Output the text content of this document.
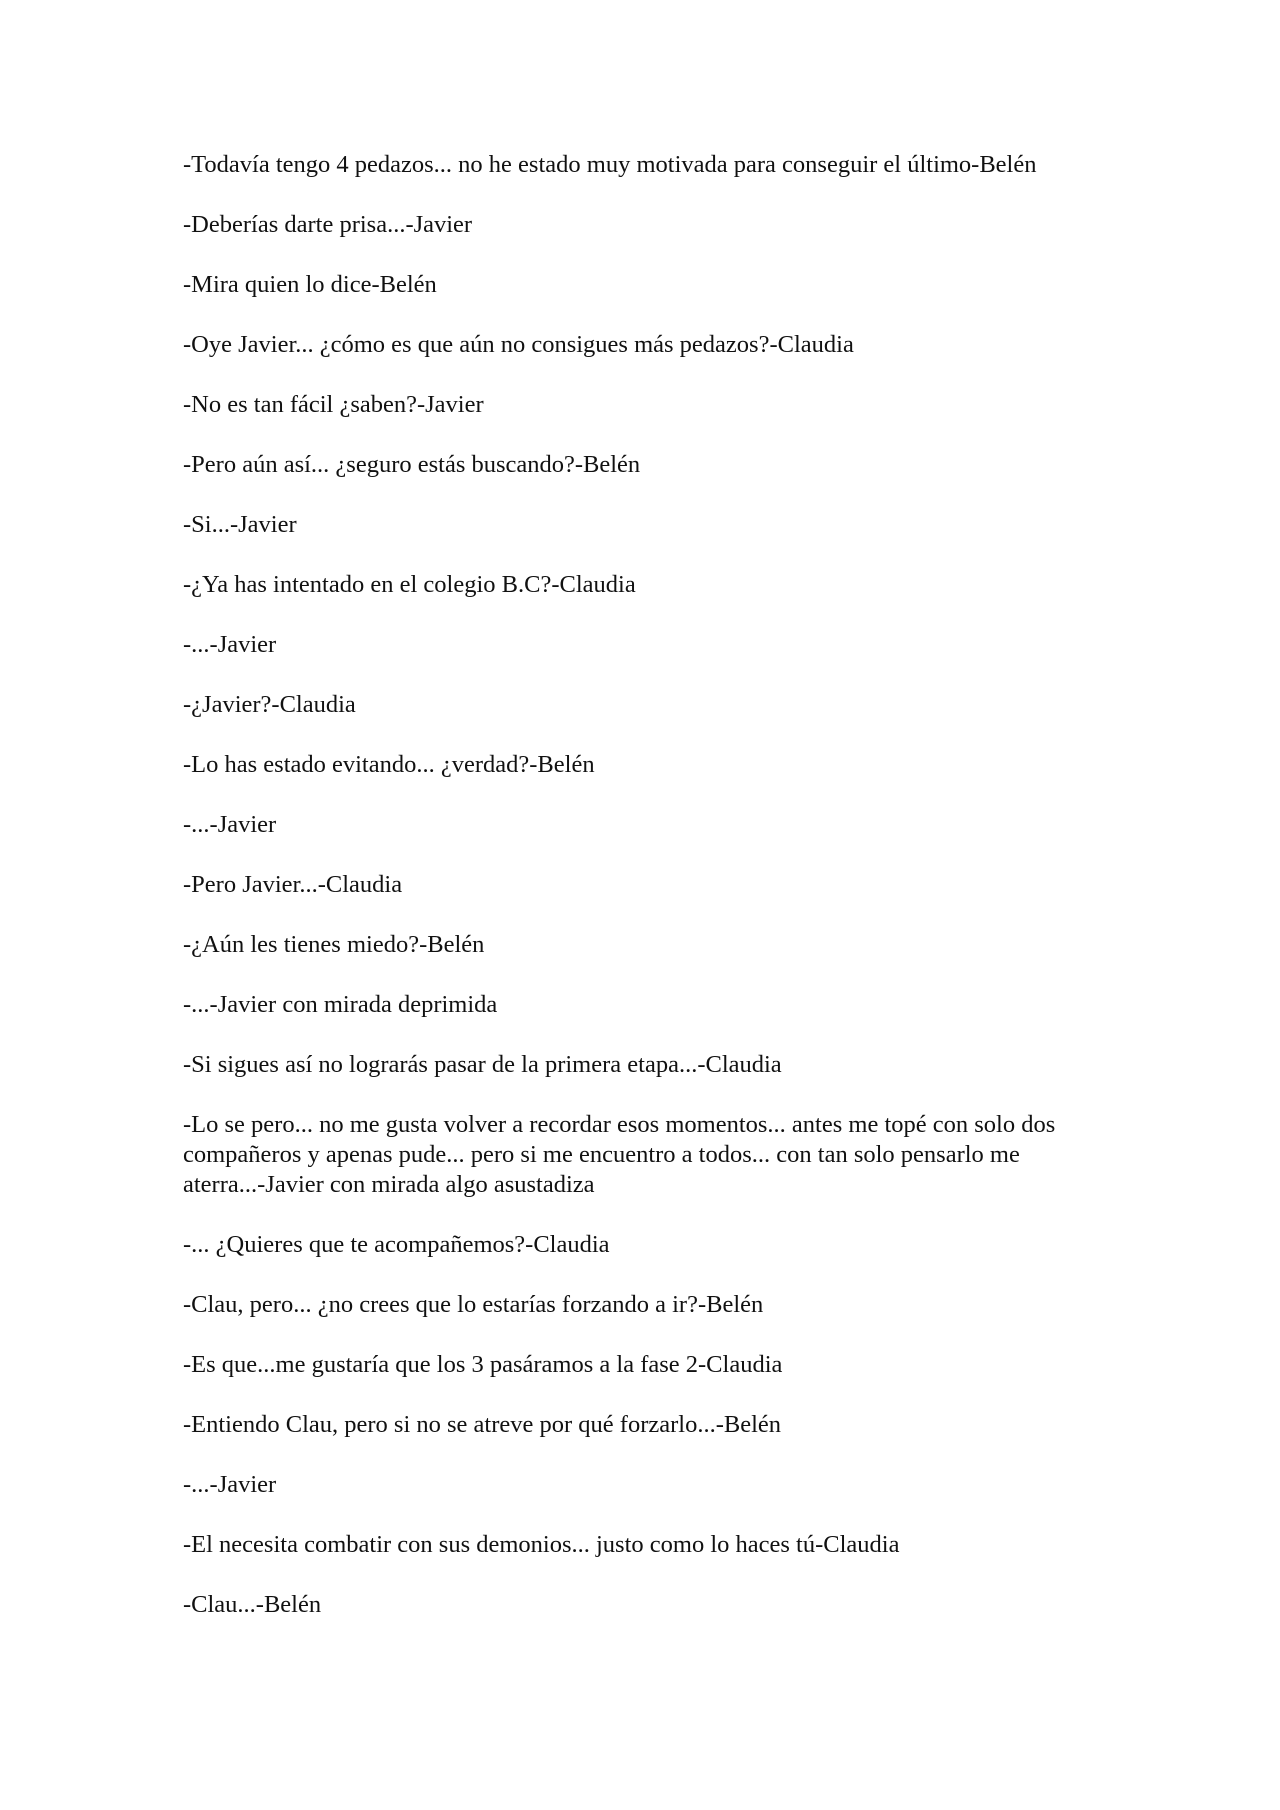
-Todavía tengo 4 pedazos... no he estado muy motivada para conseguir el último-Belén

-Deberías darte prisa...-Javier

-Mira quien lo dice-Belén

-Oye Javier... ¿cómo es que aún no consigues más pedazos?-Claudia

-No es tan fácil ¿saben?-Javier

-Pero aún así... ¿seguro estás buscando?-Belén

-Si...-Javier

-¿Ya has intentado en el colegio B.C?-Claudia

-...-Javier

-¿Javier?-Claudia

-Lo has estado evitando... ¿verdad?-Belén

-...-Javier

-Pero Javier...-Claudia

-¿Aún les tienes miedo?-Belén

-...-Javier con mirada deprimida

-Si sigues así no lograrás pasar de la primera etapa...-Claudia

-Lo se pero... no me gusta volver a recordar esos momentos... antes me topé con solo dos compañeros y apenas pude... pero si me encuentro a todos... con tan solo pensarlo me aterra...-Javier con mirada algo asustadiza

-... ¿Quieres que te acompañemos?-Claudia

-Clau, pero... ¿no crees que lo estarías forzando a ir?-Belén

-Es que...me gustaría que los 3 pasáramos a la fase 2-Claudia

-Entiendo Clau, pero si no se atreve por qué forzarlo...-Belén

-...-Javier

-El necesita combatir con sus demonios... justo como lo haces tú-Claudia

-Clau...-Belén
